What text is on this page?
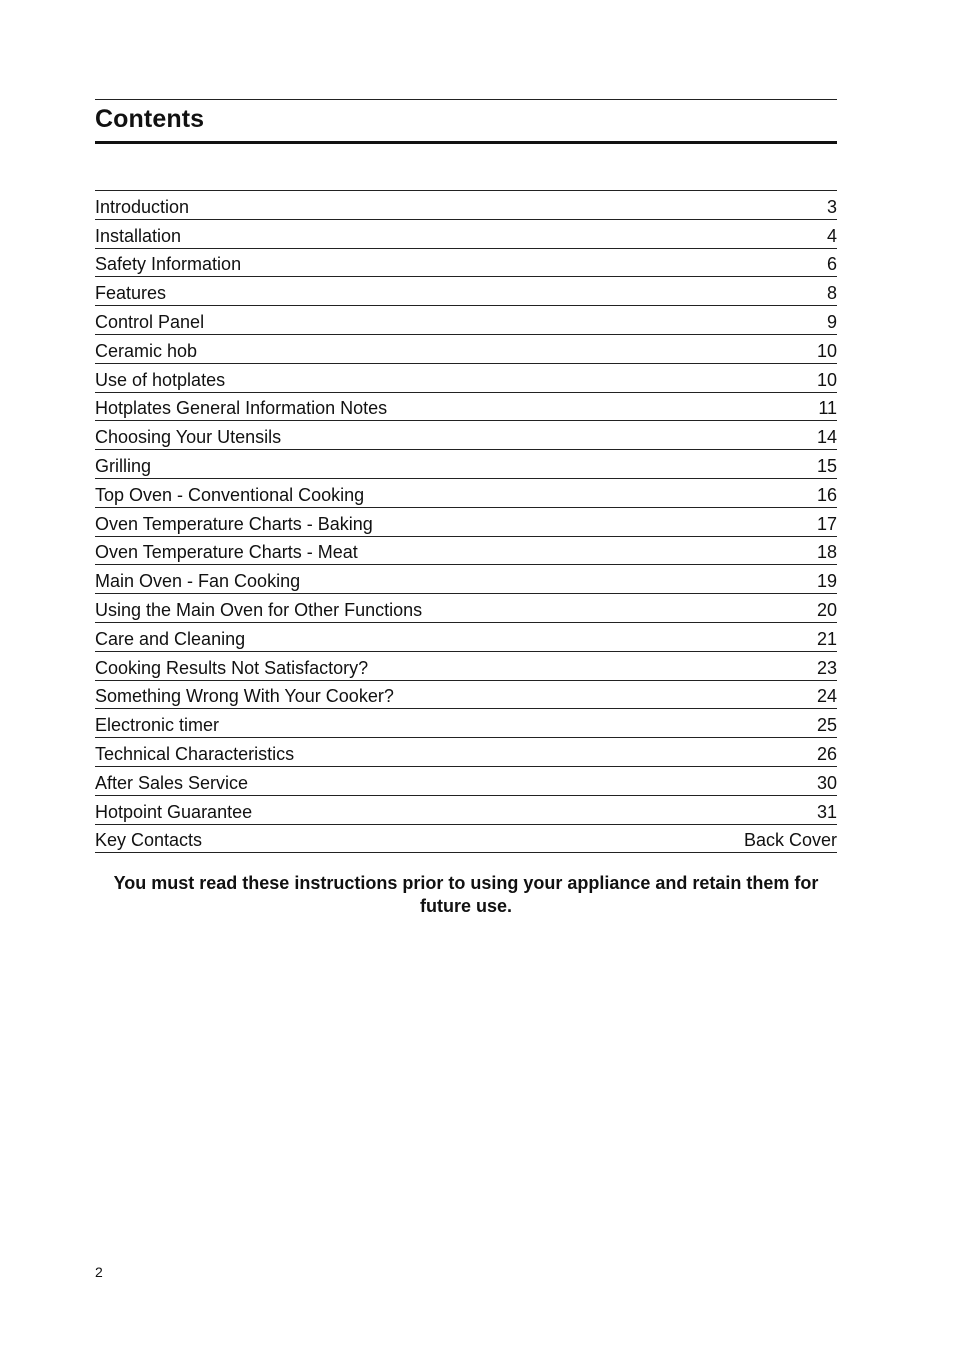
Contents
Introduction	3
Installation	4
Safety Information	6
Features	8
Control Panel	9
Ceramic hob	10
Use of hotplates	10
Hotplates General Information Notes	11
Choosing Your Utensils	14
Grilling	15
Top Oven - Conventional Cooking	16
Oven Temperature Charts - Baking	17
Oven Temperature Charts - Meat	18
Main Oven - Fan Cooking	19
Using the Main Oven for Other Functions	20
Care and Cleaning	21
Cooking Results Not Satisfactory?	23
Something Wrong With Your Cooker?	24
Electronic timer	25
Technical Characteristics	26
After Sales Service	30
Hotpoint Guarantee	31
Key Contacts	Back Cover
You must read these instructions prior to using your appliance and retain them for future use.
2
